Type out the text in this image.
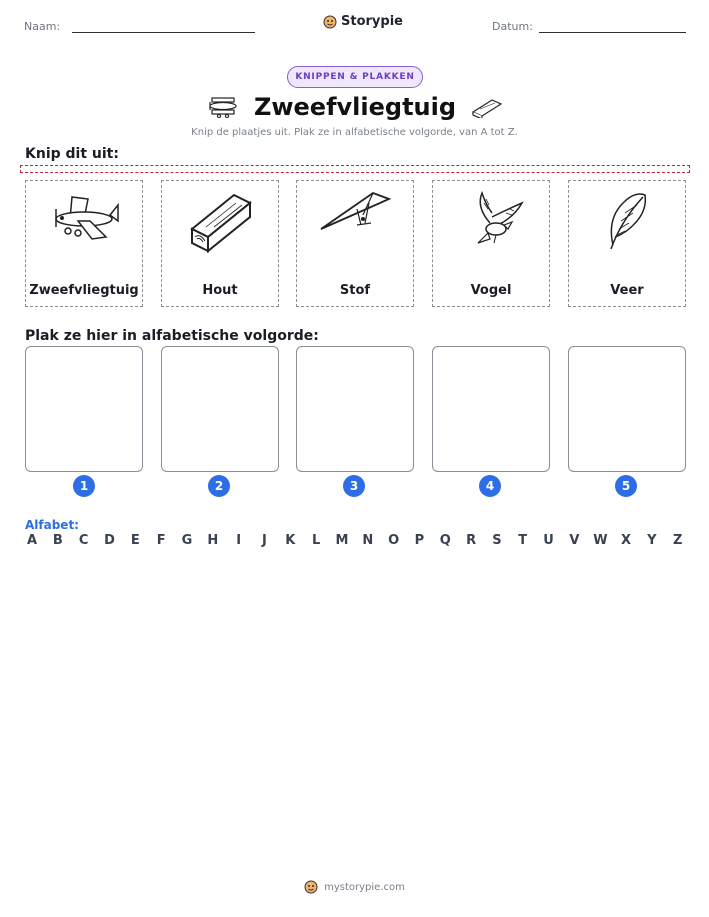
Naam:	Storypie	Datum:
KNIPPEN & PLAKKEN
Zweefvliegtuig
Knip de plaatjes uit. Plak ze in alfabetische volgorde, van A tot Z.
Knip dit uit:
Zweefvliegtuig	Hout	Stof	Vogel	Veer
Plak ze hier in alfabetische volgorde:
1	2	3	4	5
Alfabet:
A B C D E F G H	I	J	K L M N O P Q R S T U V W X Y Z
mystorypie.com
